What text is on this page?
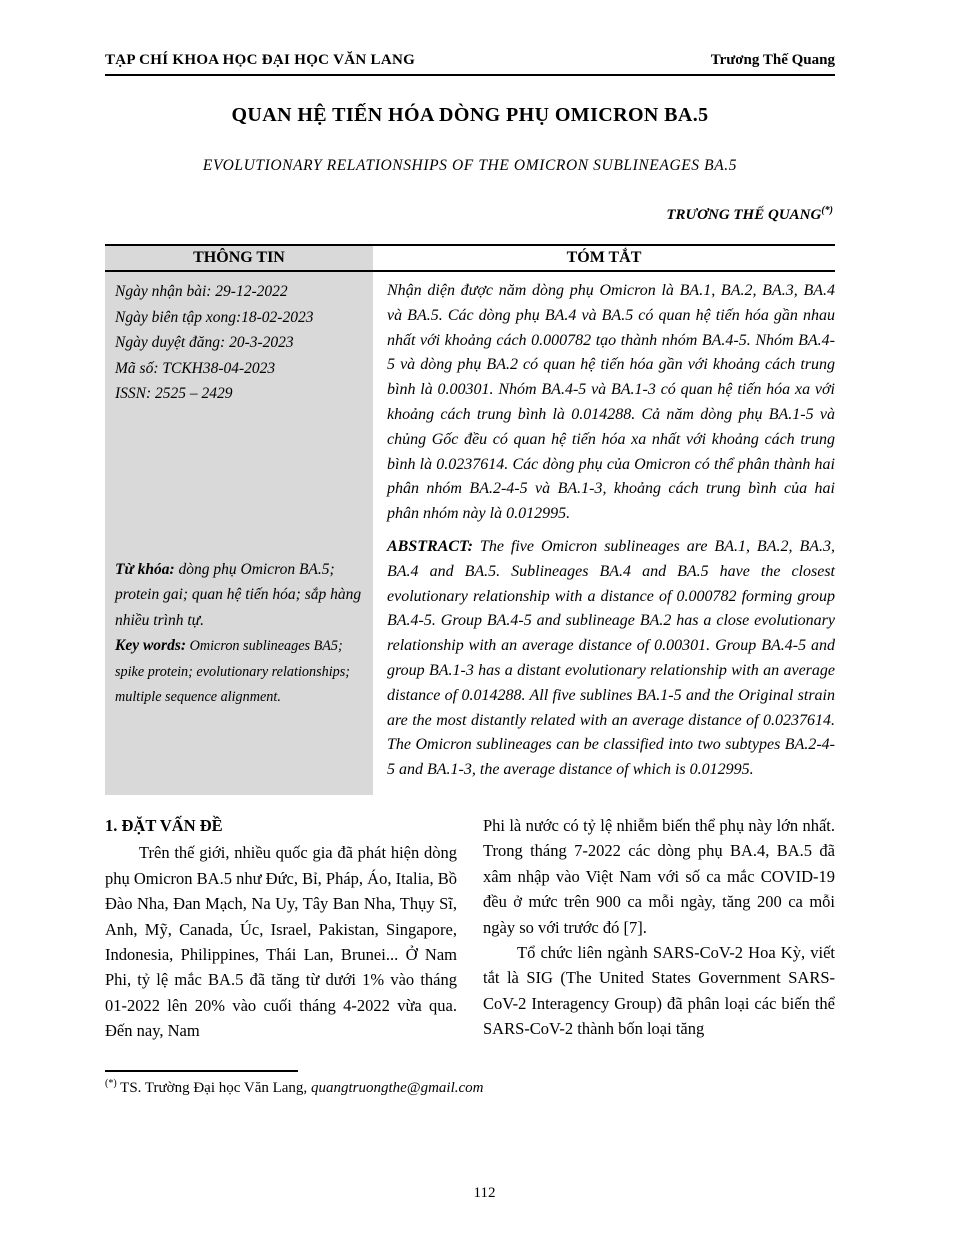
TẠP CHÍ KHOA HỌC ĐẠI HỌC VĂN LANG	Trương Thế Quang
QUAN HỆ TIẾN HÓA DÒNG PHỤ OMICRON BA.5
EVOLUTIONARY RELATIONSHIPS OF THE OMICRON SUBLINEAGES BA.5
TRƯƠNG THẾ QUANG(*)
THÔNG TIN	TÓM TẮT
Ngày nhận bài: 29-12-2022
Ngày biên tập xong:18-02-2023
Ngày duyệt đăng: 20-3-2023
Mã số: TCKH38-04-2023
ISSN: 2525 – 2429
Từ khóa: dòng phụ Omicron BA.5; protein gai; quan hệ tiến hóa; sắp hàng nhiều trình tự.
Key words: Omicron sublineages BA5; spike protein; evolutionary relationships; multiple sequence alignment.

Nhận diện được năm dòng phụ Omicron là BA.1, BA.2, BA.3, BA.4 và BA.5. Các dòng phụ BA.4 và BA.5 có quan hệ tiến hóa gần nhau nhất với khoảng cách 0.000782 tạo thành nhóm BA.4-5. Nhóm BA.4-5 và dòng phụ BA.2 có quan hệ tiến hóa gần với khoảng cách trung bình là 0.00301. Nhóm BA.4-5 và BA.1-3 có quan hệ tiến hóa xa với khoảng cách trung bình là 0.014288. Cả năm dòng phụ BA.1-5 và chủng Gốc đều có quan hệ tiến hóa xa nhất với khoảng cách trung bình là 0.0237614. Các dòng phụ của Omicron có thể phân thành hai phân nhóm BA.2-4-5 và BA.1-3, khoảng cách trung bình của hai phân nhóm này là 0.012995.

ABSTRACT: The five Omicron sublineages are BA.1, BA.2, BA.3, BA.4 and BA.5. Sublineages BA.4 and BA.5 have the closest evolutionary relationship with a distance of 0.000782 forming group BA.4-5. Group BA.4-5 and sublineage BA.2 has a close evolutionary relationship with an average distance of 0.00301. Group BA.4-5 and group BA.1-3 has a distant evolutionary relationship with an average distance of 0.014288. All five sublines BA.1-5 and the Original strain are the most distantly related with an average distance of 0.0237614. The Omicron sublineages can be classified into two subtypes BA.2-4-5 and BA.1-3, the average distance of which is 0.012995.

1. ĐẶT VẤN ĐỀ

Trên thế giới, nhiều quốc gia đã phát hiện dòng phụ Omicron BA.5 như Đức, Bỉ, Pháp, Áo, Italia, Bồ Đào Nha, Đan Mạch, Na Uy, Tây Ban Nha, Thụy Sĩ, Anh, Mỹ, Canada, Úc, Israel, Pakistan, Singapore, Indonesia, Philippines, Thái Lan, Brunei... Ở Nam Phi, tỷ lệ mắc BA.5 đã tăng từ dưới 1% vào tháng 01-2022 lên 20% vào cuối tháng 4-2022 vừa qua. Đến nay, Nam

Phi là nước có tỷ lệ nhiễm biến thể phụ này lớn nhất. Trong tháng 7-2022 các dòng phụ BA.4, BA.5 đã xâm nhập vào Việt Nam với số ca mắc COVID-19 đều ở mức trên 900 ca mỗi ngày, tăng 200 ca mỗi ngày so với trước đó [7].

Tổ chức liên ngành SARS-CoV-2 Hoa Kỳ, viết tắt là SIG (The United States Government SARS-CoV-2 Interagency Group) đã phân loại các biến thể SARS-CoV-2 thành bốn loại tăng

(*) TS. Trường Đại học Văn Lang, quangtruongthe@gmail.com
112
